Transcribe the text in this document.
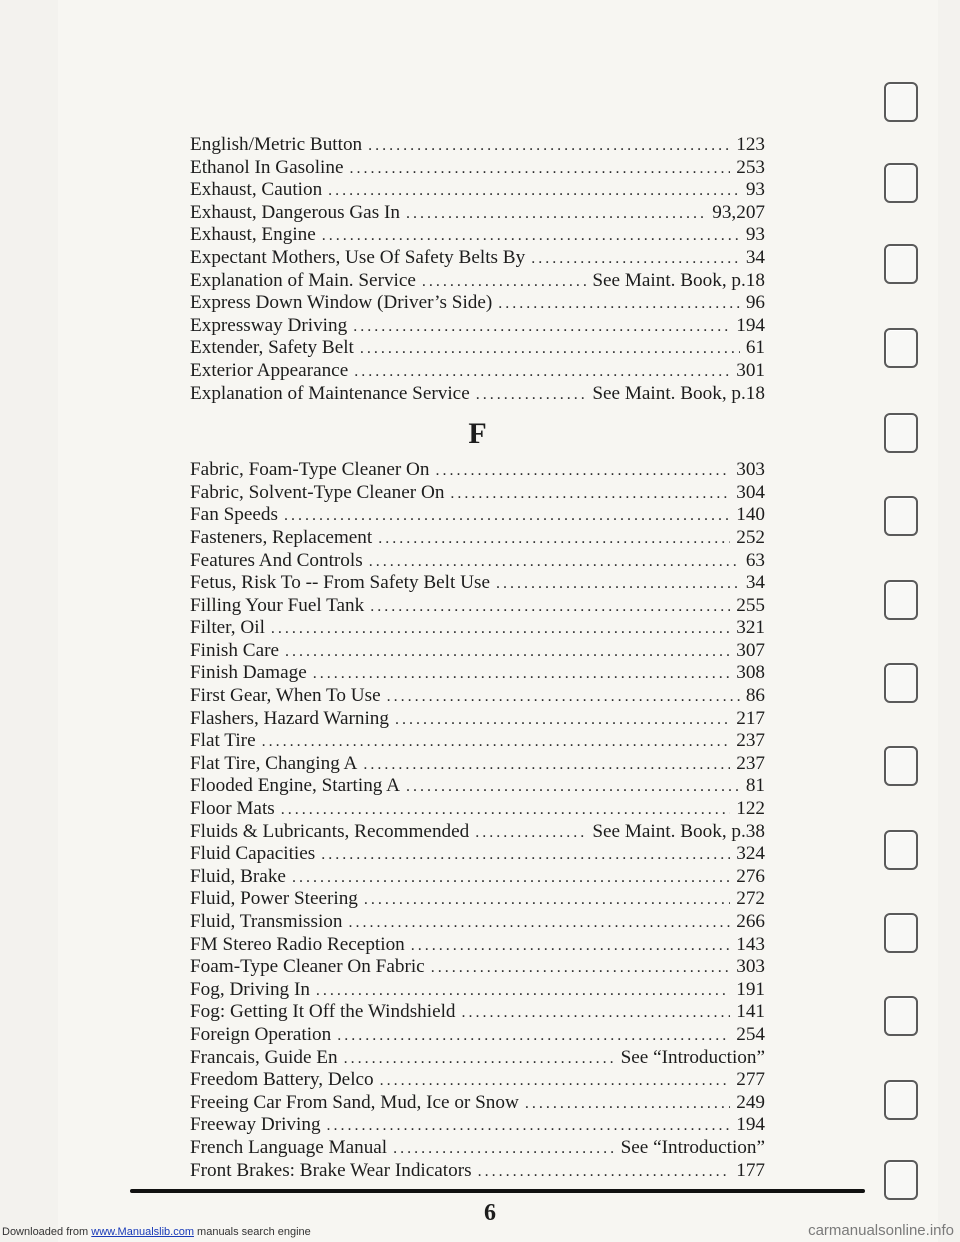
English/Metric Button .....	123
Ethanol In Gasoline .....	253
Exhaust, Caution .....	93
Exhaust, Dangerous Gas In .....	93,207
Exhaust, Engine .....	93
Expectant Mothers, Use Of Safety Belts By .....	34
Explanation of Main. Service .....	See Maint. Book, p.18
Express Down Window (Driver’s Side) .....	96
Expressway Driving .....	194
Extender, Safety Belt .....	61
Exterior Appearance .....	301
Explanation of Maintenance Service .....	See Maint. Book, p.18
F
Fabric, Foam-Type Cleaner On .....	303
Fabric, Solvent-Type Cleaner On .....	304
Fan Speeds .....	140
Fasteners, Replacement .....	252
Features And Controls .....	63
Fetus, Risk To -- From Safety Belt Use .....	34
Filling Your Fuel Tank .....	255
Filter, Oil .....	321
Finish Care .....	307
Finish Damage .....	308
First Gear, When To Use .....	86
Flashers, Hazard Warning .....	217
Flat Tire .....	237
Flat Tire, Changing A .....	237
Flooded Engine, Starting A .....	81
Floor Mats .....	122
Fluids & Lubricants, Recommended .....	See Maint. Book, p.38
Fluid Capacities .....	324
Fluid, Brake .....	276
Fluid, Power Steering .....	272
Fluid, Transmission .....	266
FM Stereo Radio Reception .....	143
Foam-Type Cleaner On Fabric .....	303
Fog, Driving In .....	191
Fog: Getting It Off the Windshield .....	141
Foreign Operation .....	254
Francais, Guide En .....	See “Introduction”
Freedom Battery, Delco .....	277
Freeing Car From Sand, Mud, Ice or Snow .....	249
Freeway Driving .....	194
French Language Manual .....	See “Introduction”
Front Brakes: Brake Wear Indicators .....	177
6
Downloaded from www.Manualslib.com manuals search engine	carmanualsonline.info
